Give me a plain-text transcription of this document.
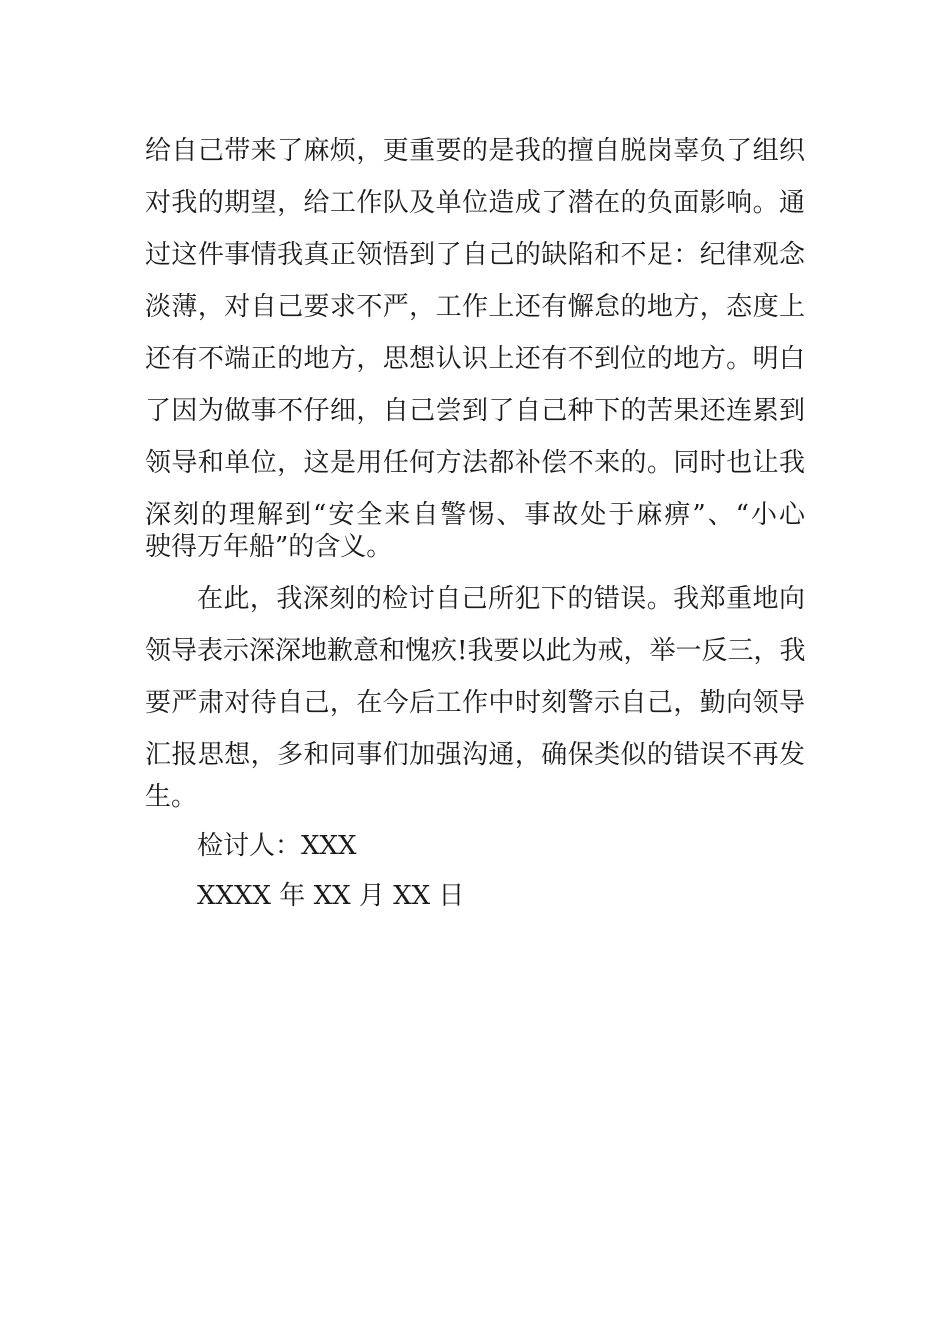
给自己带来了麻烦，更重要的是我的擅自脱岗辜负了组织
对我的期望，给工作队及单位造成了潜在的负面影响。通
过这件事情我真正领悟到了自己的缺陷和不足：纪律观念
淡薄，对自己要求不严，工作上还有懈怠的地方，态度上
还有不端正的地方，思想认识上还有不到位的地方。明白
了因为做事不仔细，自己尝到了自己种下的苦果还连累到
领导和单位，这是用任何方法都补偿不来的。同时也让我
深刻的理解到“安全来自警惕、事故处于麻痹”、“小心
驶得万年船”的含义。
在此，我深刻的检讨自己所犯下的错误。我郑重地向
领导表示深深地歉意和愧疚!我要以此为戒，举一反三，我
要严肃对待自己，在今后工作中时刻警示自己，勤向领导
汇报思想，多和同事们加强沟通，确保类似的错误不再发
生。
检讨人：XXX
XXXX 年 XX 月 XX 日
